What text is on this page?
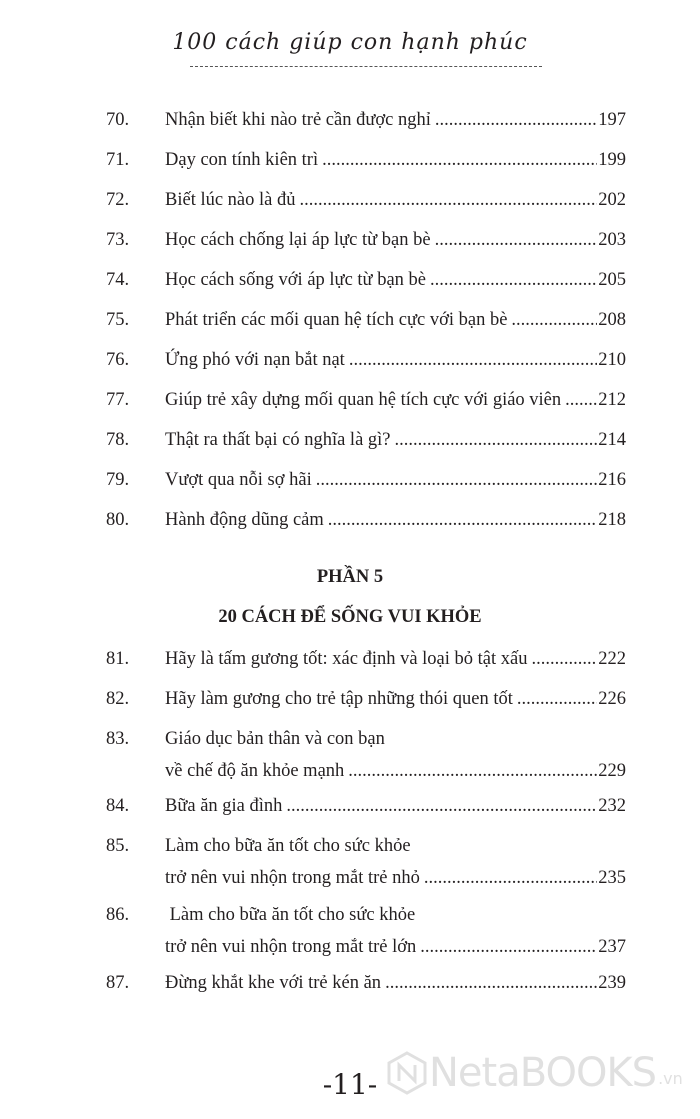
100 cách giúp con hạnh phúc
70. Nhận biết khi nào trẻ cần được nghỉ .....	197
71. Dạy con tính kiên trì .....	199
72. Biết lúc nào là đủ .....	202
73. Học cách chống lại áp lực từ bạn bè .....	203
74. Học cách sống với áp lực từ bạn bè .....	205
75. Phát triển các mối quan hệ tích cực với bạn bè .....	208
76. Ứng phó với nạn bắt nạt .....	210
77. Giúp trẻ xây dựng mối quan hệ tích cực với giáo viên ..... 212
78. Thật ra thất bại có nghĩa là gì? .....	214
79. Vượt qua nỗi sợ hãi .....	216
80. Hành động dũng cảm .....	218
PHẦN 5
20 CÁCH ĐỂ SỐNG VUI KHỎE
81. Hãy là tấm gương tốt: xác định và loại bỏ tật xấu .....	222
82. Hãy làm gương cho trẻ tập những thói quen tốt .....	226
83. Giáo dục bản thân và con bạn
về chế độ ăn khỏe mạnh .....	229
84. Bữa ăn gia đình .....	232
85. Làm cho bữa ăn tốt cho sức khỏe
trở nên vui nhộn trong mắt trẻ nhỏ .....	235
86. Làm cho bữa ăn tốt cho sức khỏe
trở nên vui nhộn trong mắt trẻ lớn .....	237
87. Đừng khắt khe với trẻ kén ăn .....	239
-11-	NetaBOOKS .vn
